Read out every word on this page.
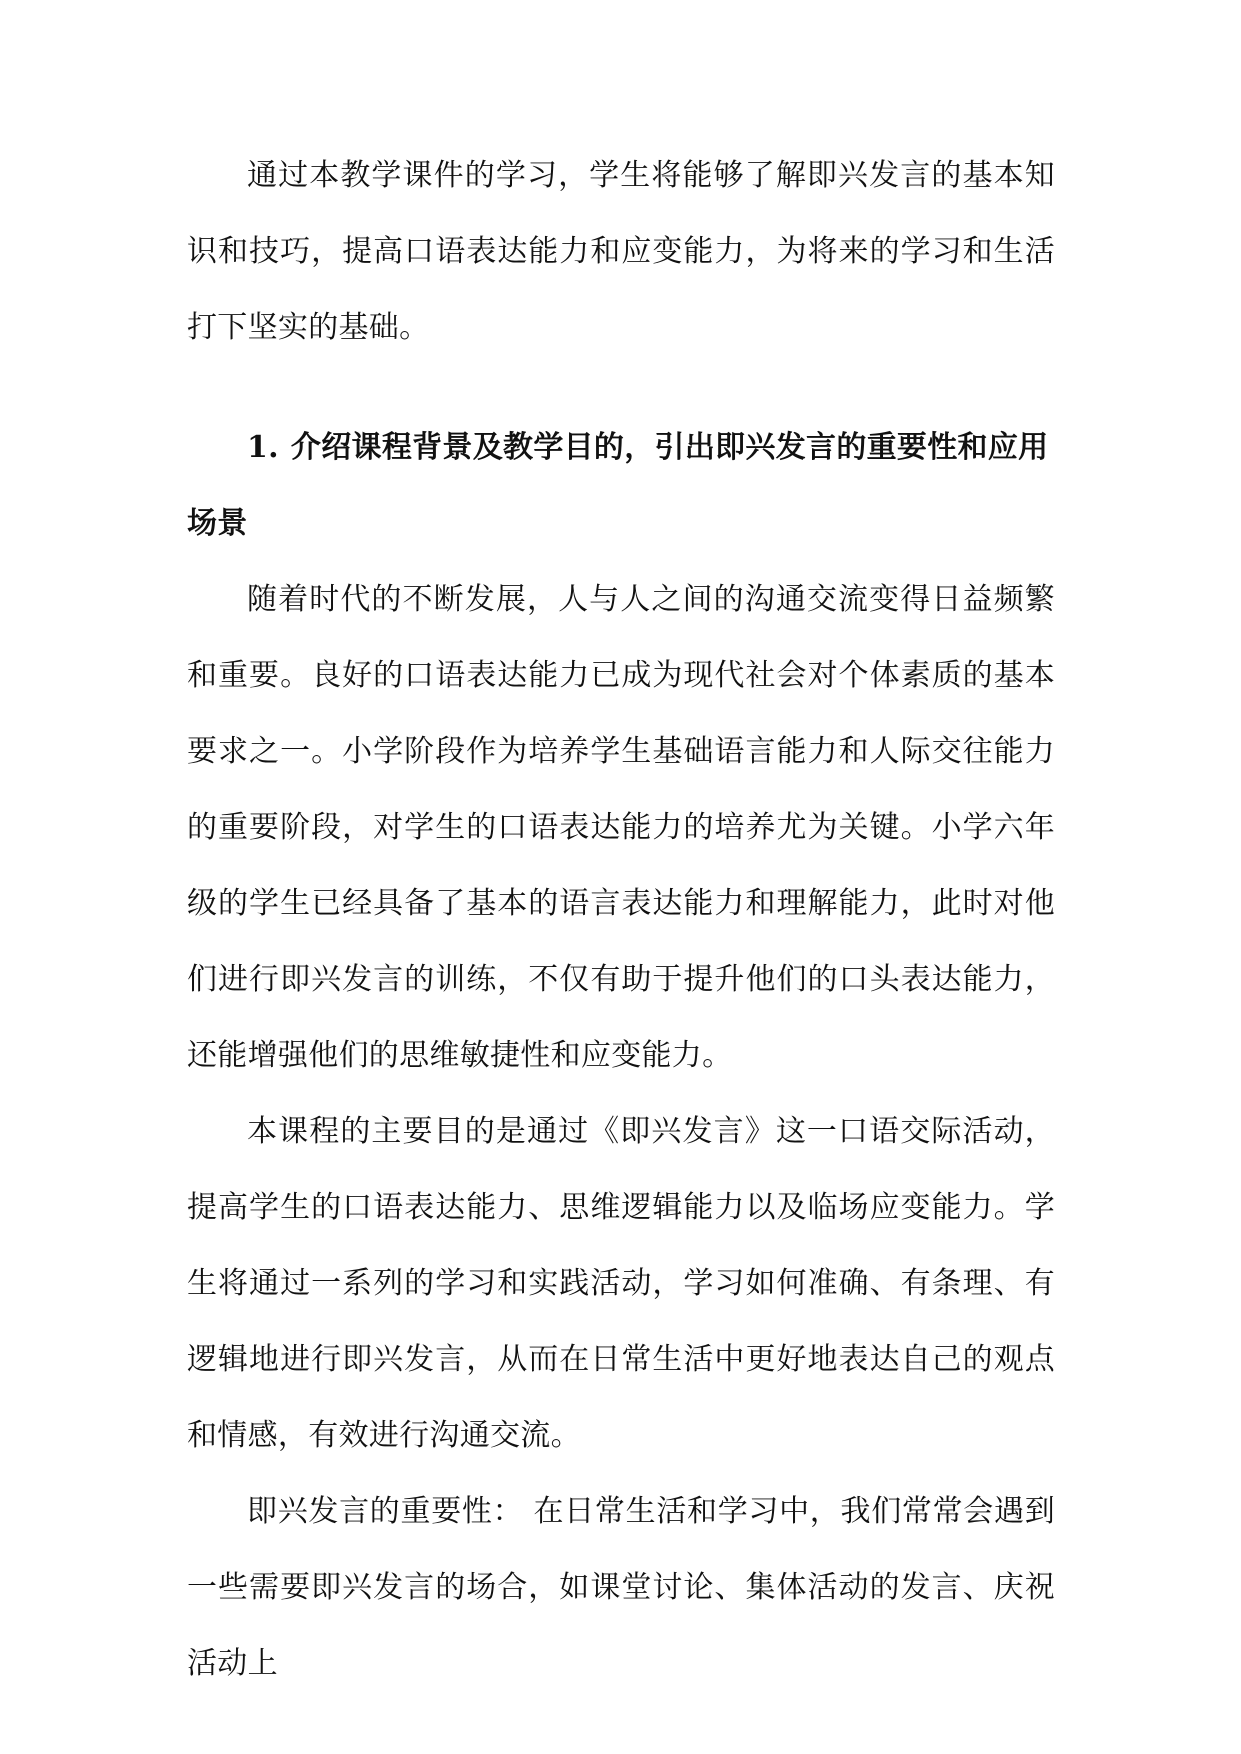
通过本教学课件的学习，学生将能够了解即兴发言的基本知识和技巧，提高口语表达能力和应变能力，为将来的学习和生活打下坚实的基础。

1. 介绍课程背景及教学目的，引出即兴发言的重要性和应用场景

随着时代的不断发展，人与人之间的沟通交流变得日益频繁和重要。良好的口语表达能力已成为现代社会对个体素质的基本要求之一。小学阶段作为培养学生基础语言能力和人际交往能力的重要阶段，对学生的口语表达能力的培养尤为关键。小学六年级的学生已经具备了基本的语言表达能力和理解能力，此时对他们进行即兴发言的训练，不仅有助于提升他们的口头表达能力，还能增强他们的思维敏捷性和应变能力。

本课程的主要目的是通过《即兴发言》这一口语交际活动，提高学生的口语表达能力、思维逻辑能力以及临场应变能力。学生将通过一系列的学习和实践活动，学习如何准确、有条理、有逻辑地进行即兴发言，从而在日常生活中更好地表达自己的观点和情感，有效进行沟通交流。

即兴发言的重要性： 在日常生活和学习中，我们常常会遇到一些需要即兴发言的场合，如课堂讨论、集体活动的发言、庆祝活动上
